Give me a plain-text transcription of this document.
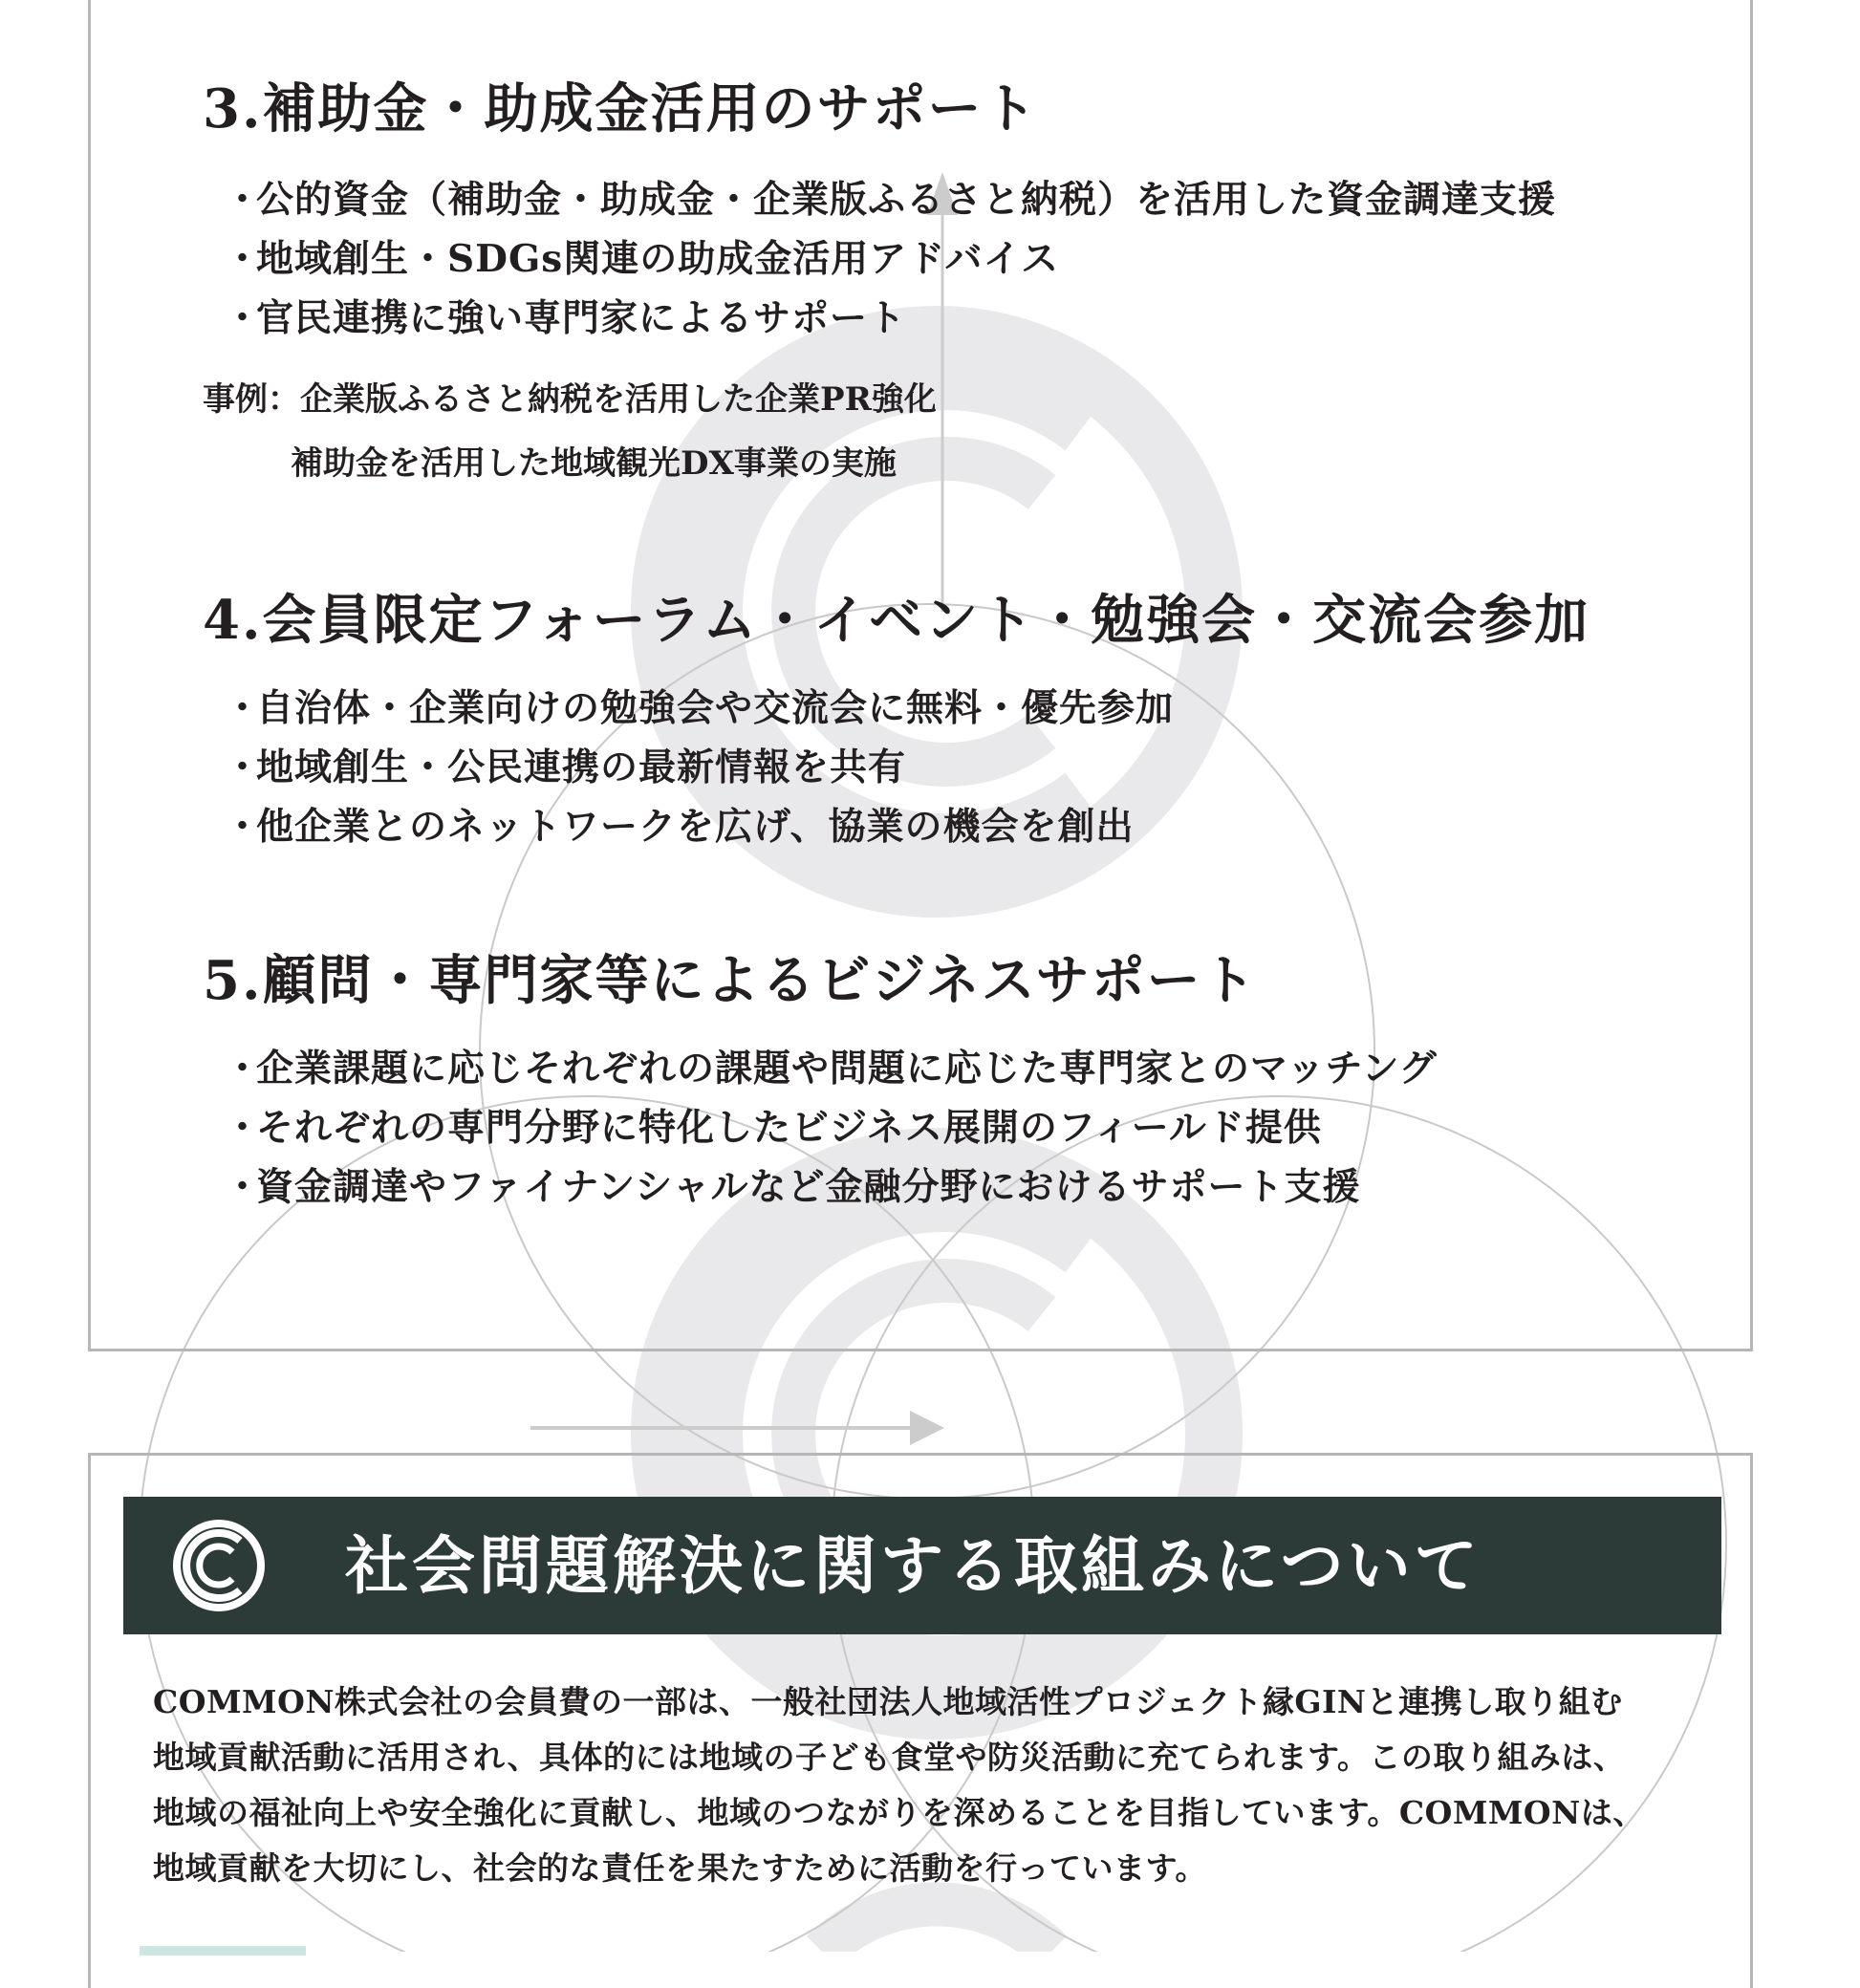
3.補助金・助成金活用のサポート
・
公的資金（補助金・助成金・企業版ふるさと納税）を活用した資金調達支援
・
地域創生・SDGs関連の助成金活用アドバイス
・
官民連携に強い専門家によるサポート
事例：企業版ふるさと納税を活用した企業PR強化
補助金を活用した地域観光DX事業の実施
4.会員限定フォーラム・イベント・勉強会・交流会参加
・
自治体・企業向けの勉強会や交流会に無料・優先参加
・
地域創生・公民連携の最新情報を共有
・
他企業とのネットワークを広げ、協業の機会を創出
5.顧問・専門家等によるビジネスサポート
・
企業課題に応じそれぞれの課題や問題に応じた専門家とのマッチング
・
それぞれの専門分野に特化したビジネス展開のフィールド提供
・
資金調達やファイナンシャルなど金融分野におけるサポート支援
社会問題解決に関する取組みについて

COMMON株式会社の会員費の一部は、一般社団法人地域活性プロジェクト縁GINと連携し取り組む
地域貢献活動に活用され、具体的には地域の子ども食堂や防災活動に充てられます。この取り組みは、
地域の福祉向上や安全強化に貢献し、地域のつながりを深めることを目指しています。COMMONは、
地域貢献を大切にし、社会的な責任を果たすために活動を行っています。
